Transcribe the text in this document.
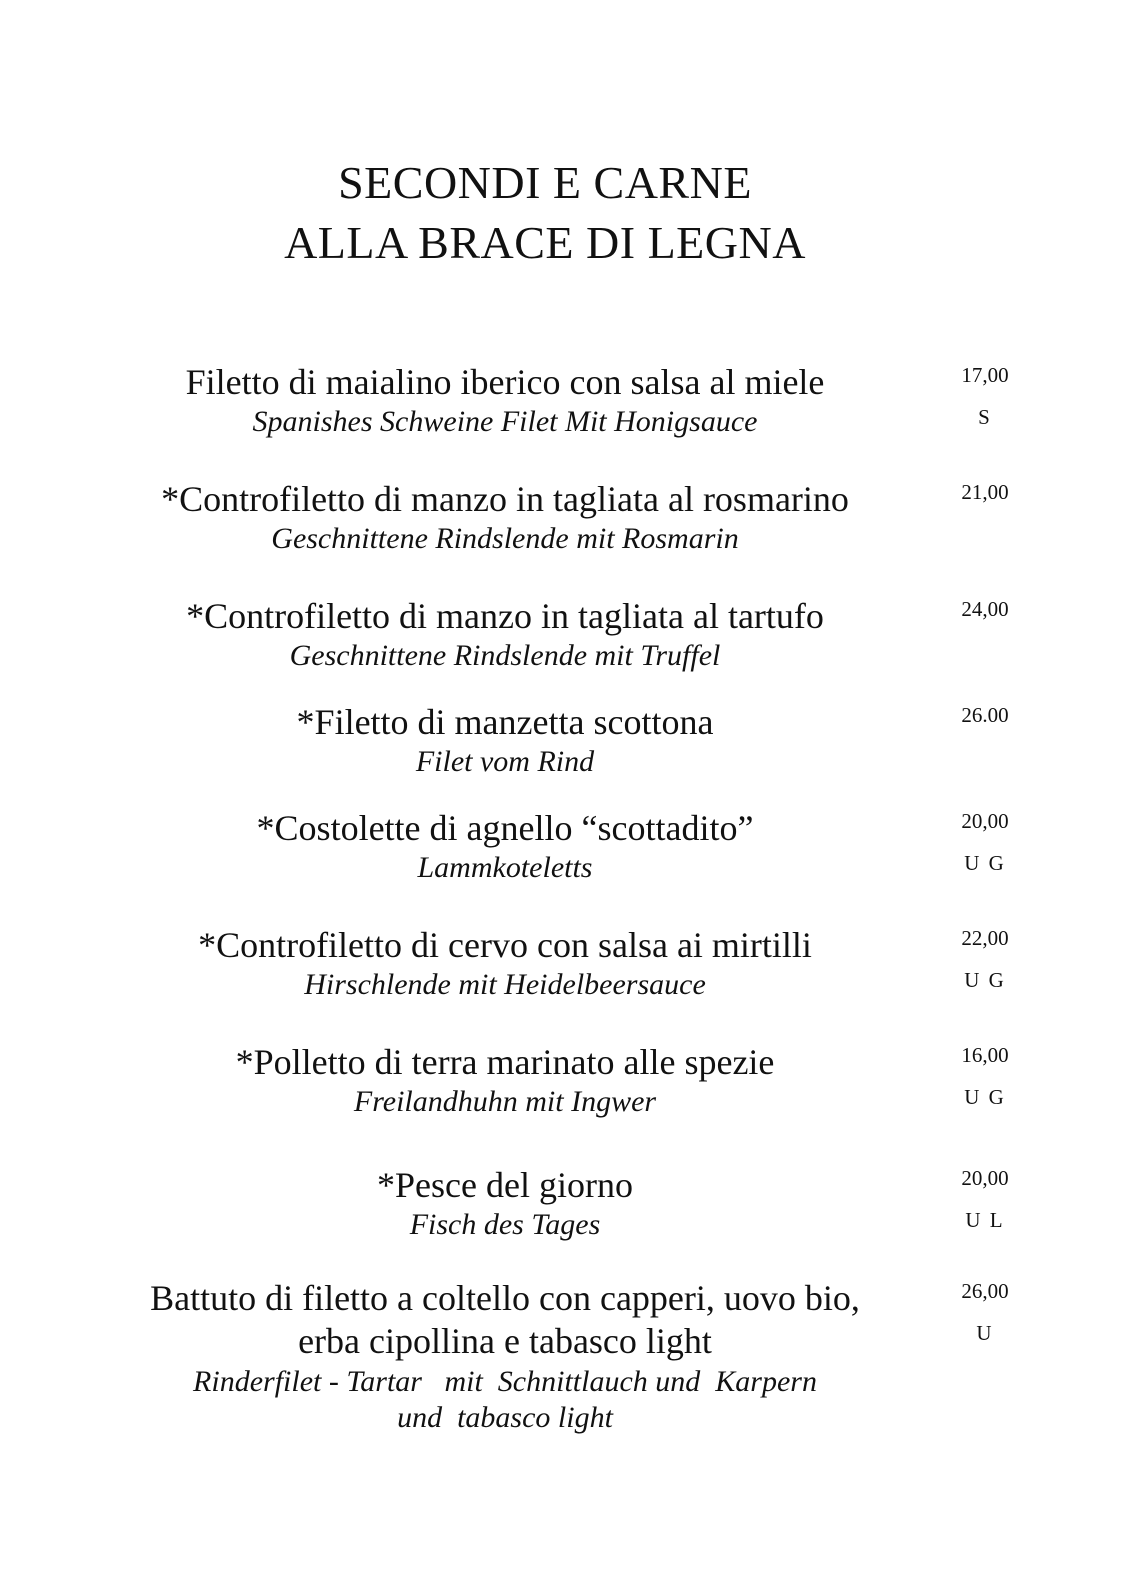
SECONDI E CARNE
ALLA BRACE DI LEGNA
Filetto di maialino iberico con salsa al miele
Spanishes Schweine Filet Mit Honigsauce
17,00
S
*Controfiletto di manzo in tagliata al rosmarino
Geschnittene Rindslende mit Rosmarin
21,00
*Controfiletto di manzo in tagliata al tartufo
Geschnittene Rindslende mit Truffel
24,00
*Filetto di manzetta scottona
Filet vom Rind
26.00
*Costolette di agnello “scottadito”
Lammkoteletts
20,00
U G
*Controfiletto di cervo con salsa ai mirtilli
Hirschlende mit Heidelbeersauce
22,00
U G
*Polletto di terra marinato alle spezie
Freilandhuhn mit Ingwer
16,00
U G
*Pesce del giorno
Fisch des Tages
20,00
U L
Battuto di filetto a coltello con capperi, uovo bio,
erba cipollina e tabasco light
Rinderfilet - Tartar   mit  Schnittlauch und  Karpern
und  tabasco light
26,00
U
